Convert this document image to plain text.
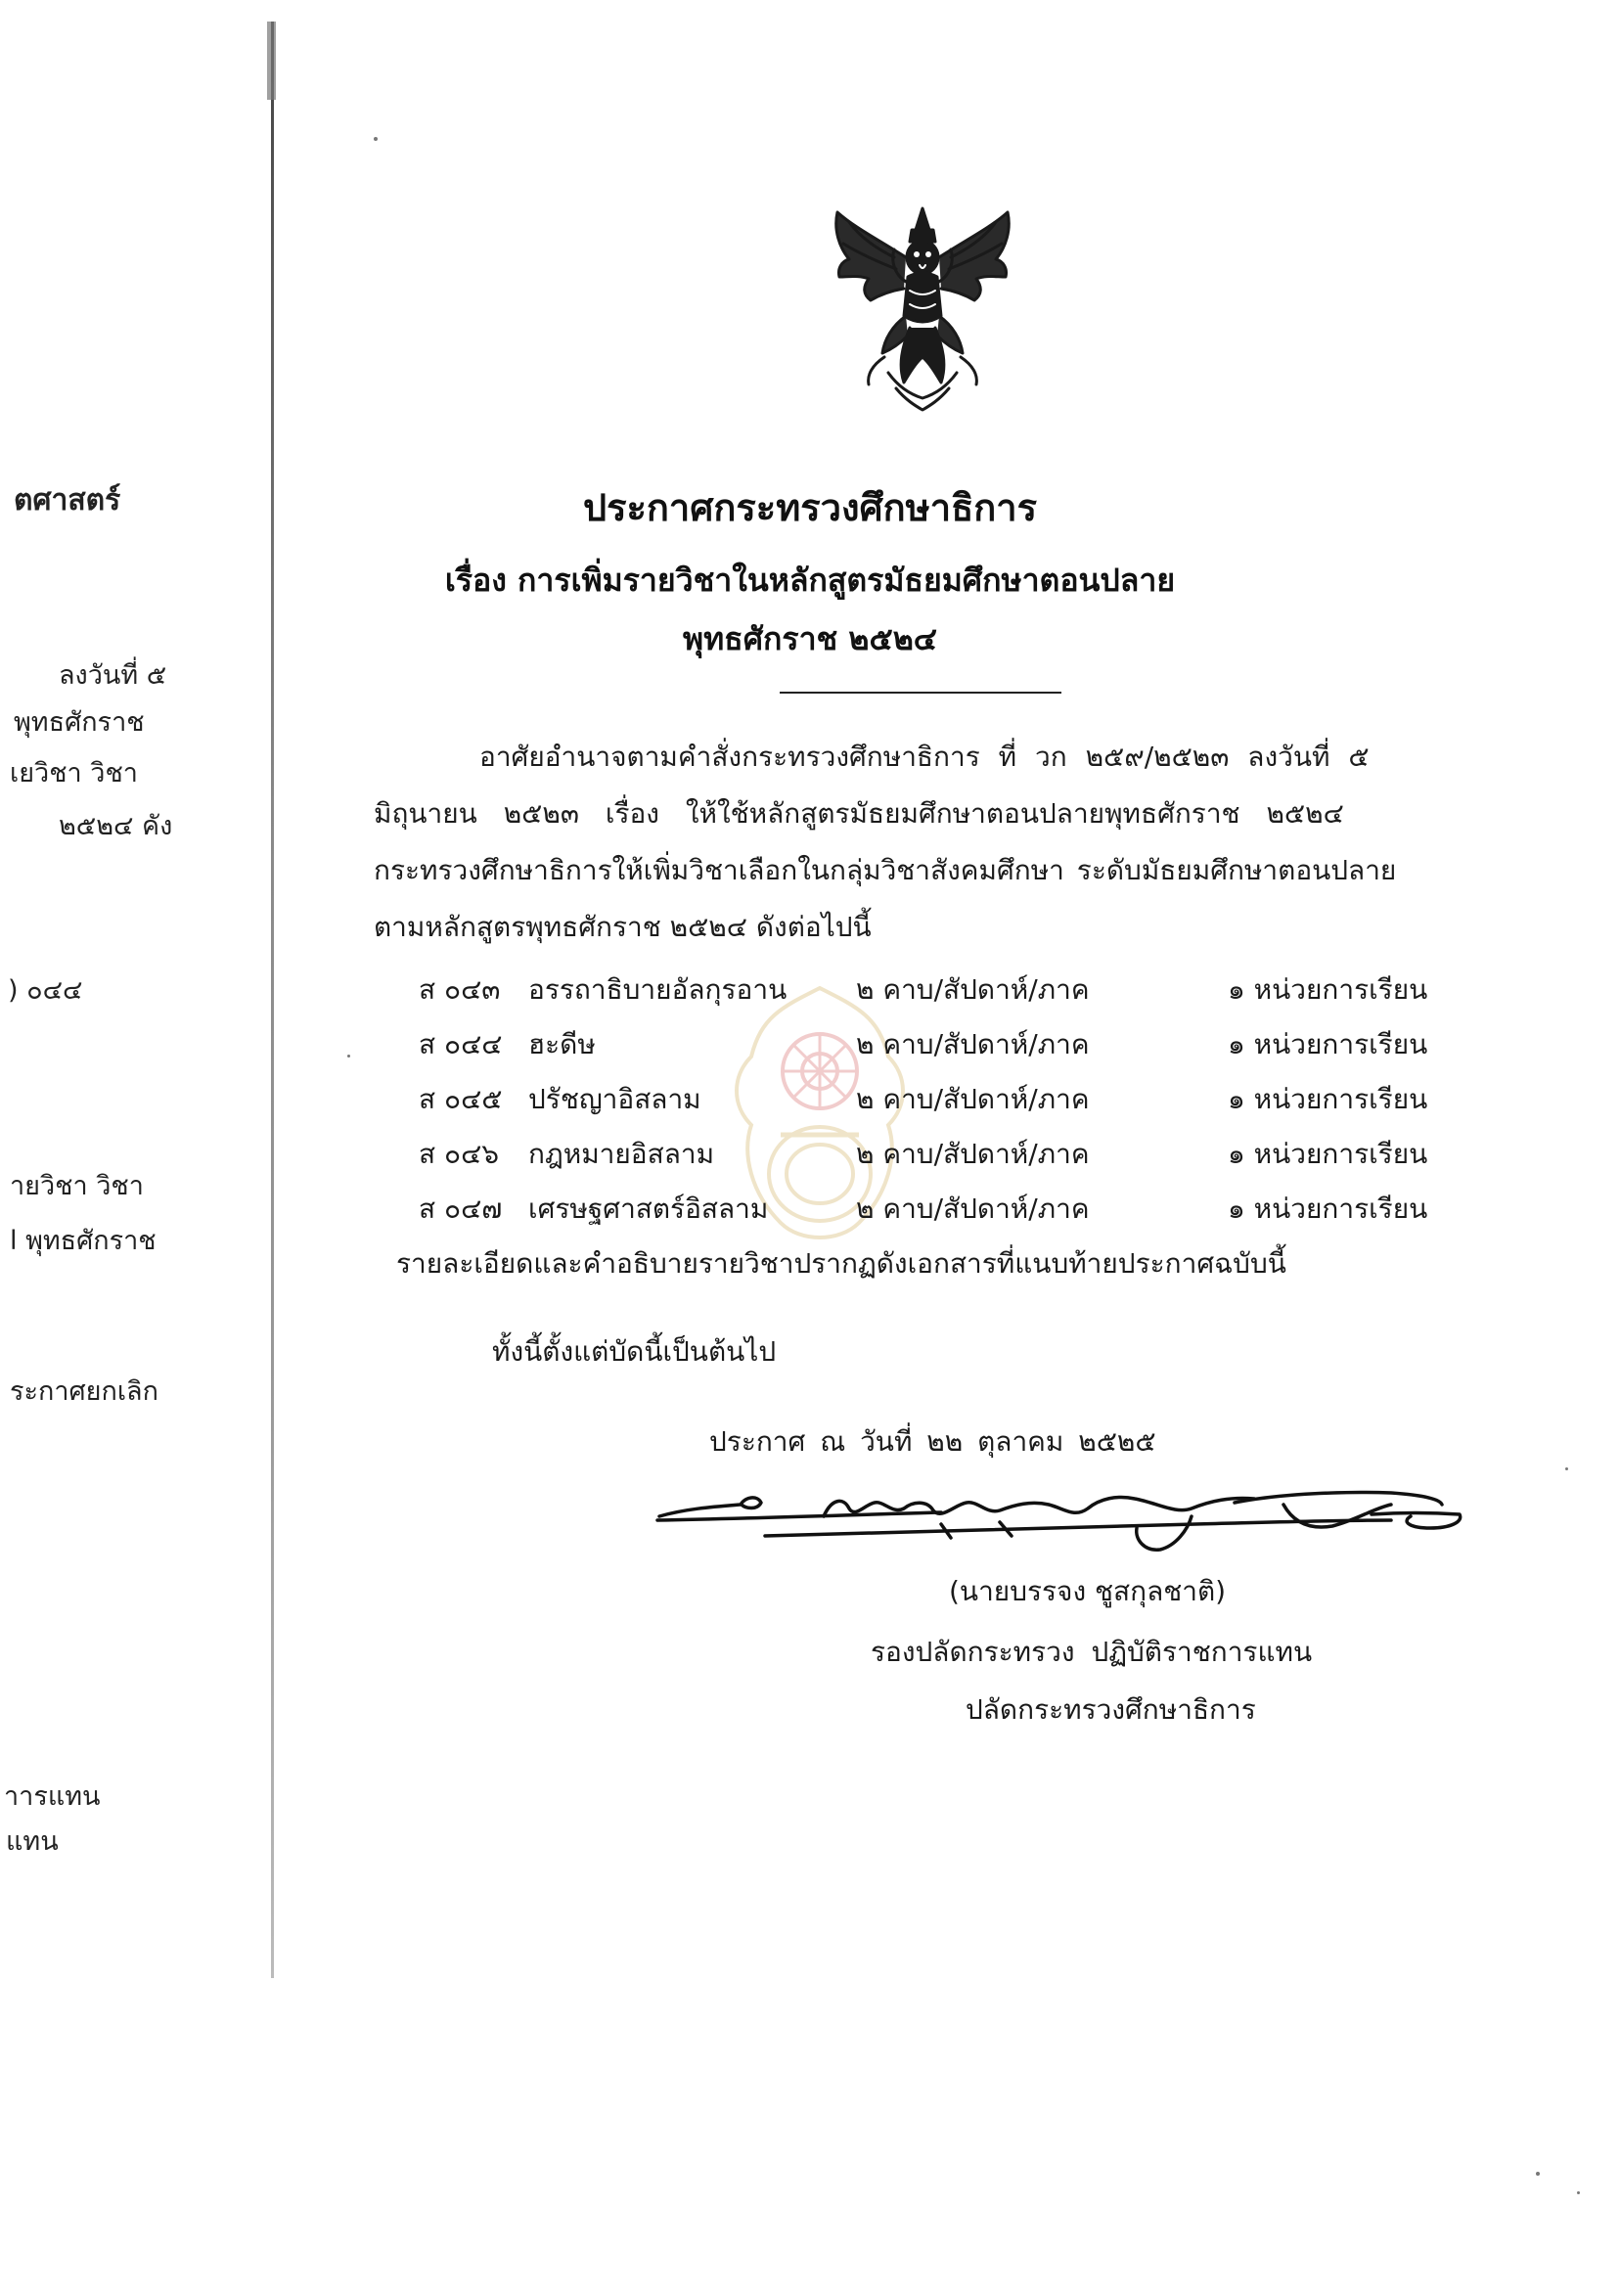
ตศาสตร์
ลงวันที่ ๕
พุทธศักราช
เยวิชา วิชา
๒๕๒๔ คัง
) ๐๔๔
ายวิชา วิชา
l พุทธศักราช
ระกาศยกเลิก
าารแทน
แทน
ประกาศกระทรวงศึกษาธิการ
เรื่อง การเพิ่มรายวิชาในหลักสูตรมัธยมศึกษาตอนปลาย
พุทธศักราช ๒๕๒๔
อาศัยอำนาจตามคำสั่งกระทรวงศึกษาธิการ ที่ วก ๒๕๙/๒๕๒๓ ลงวันที่ ๕
มิถุนายน ๒๕๒๓ เรื่อง ให้ใช้หลักสูตรมัธยมศึกษาตอนปลายพุทธศักราช ๒๕๒๔
กระทรวงศึกษาธิการให้เพิ่มวิชาเลือกในกลุ่มวิชาสังคมศึกษา ระดับมัธยมศึกษาตอนปลาย
ตามหลักสูตรพุทธศักราช ๒๕๒๔ ดังต่อไปนี้
ส ๐๔๓ อรรถาธิบายอัลกุรอาน	๒ คาบ/สัปดาห์/ภาค	๑ หน่วยการเรียน
ส ๐๔๔ ฮะดีษ	๒ คาบ/สัปดาห์/ภาค	๑ หน่วยการเรียน
ส ๐๔๕ ปรัชญาอิสลาม	๒ คาบ/สัปดาห์/ภาค	๑ หน่วยการเรียน
ส ๐๔๖ กฎหมายอิสลาม	๒ คาบ/สัปดาห์/ภาค	๑ หน่วยการเรียน
ส ๐๔๗ เศรษฐศาสตร์อิสลาม	๒ คาบ/สัปดาห์/ภาค	๑ หน่วยการเรียน
รายละเอียดและคำอธิบายรายวิชาปรากฏดังเอกสารที่แนบท้ายประกาศฉบับนี้
ทั้งนี้ตั้งแต่บัดนี้เป็นต้นไป
ประกาศ ณ วันที่ ๒๒ ตุลาคม ๒๕๒๕
(นายบรรจง ชูสกุลชาติ)
รองปลัดกระทรวง ปฏิบัติราชการแทน
ปลัดกระทรวงศึกษาธิการ
